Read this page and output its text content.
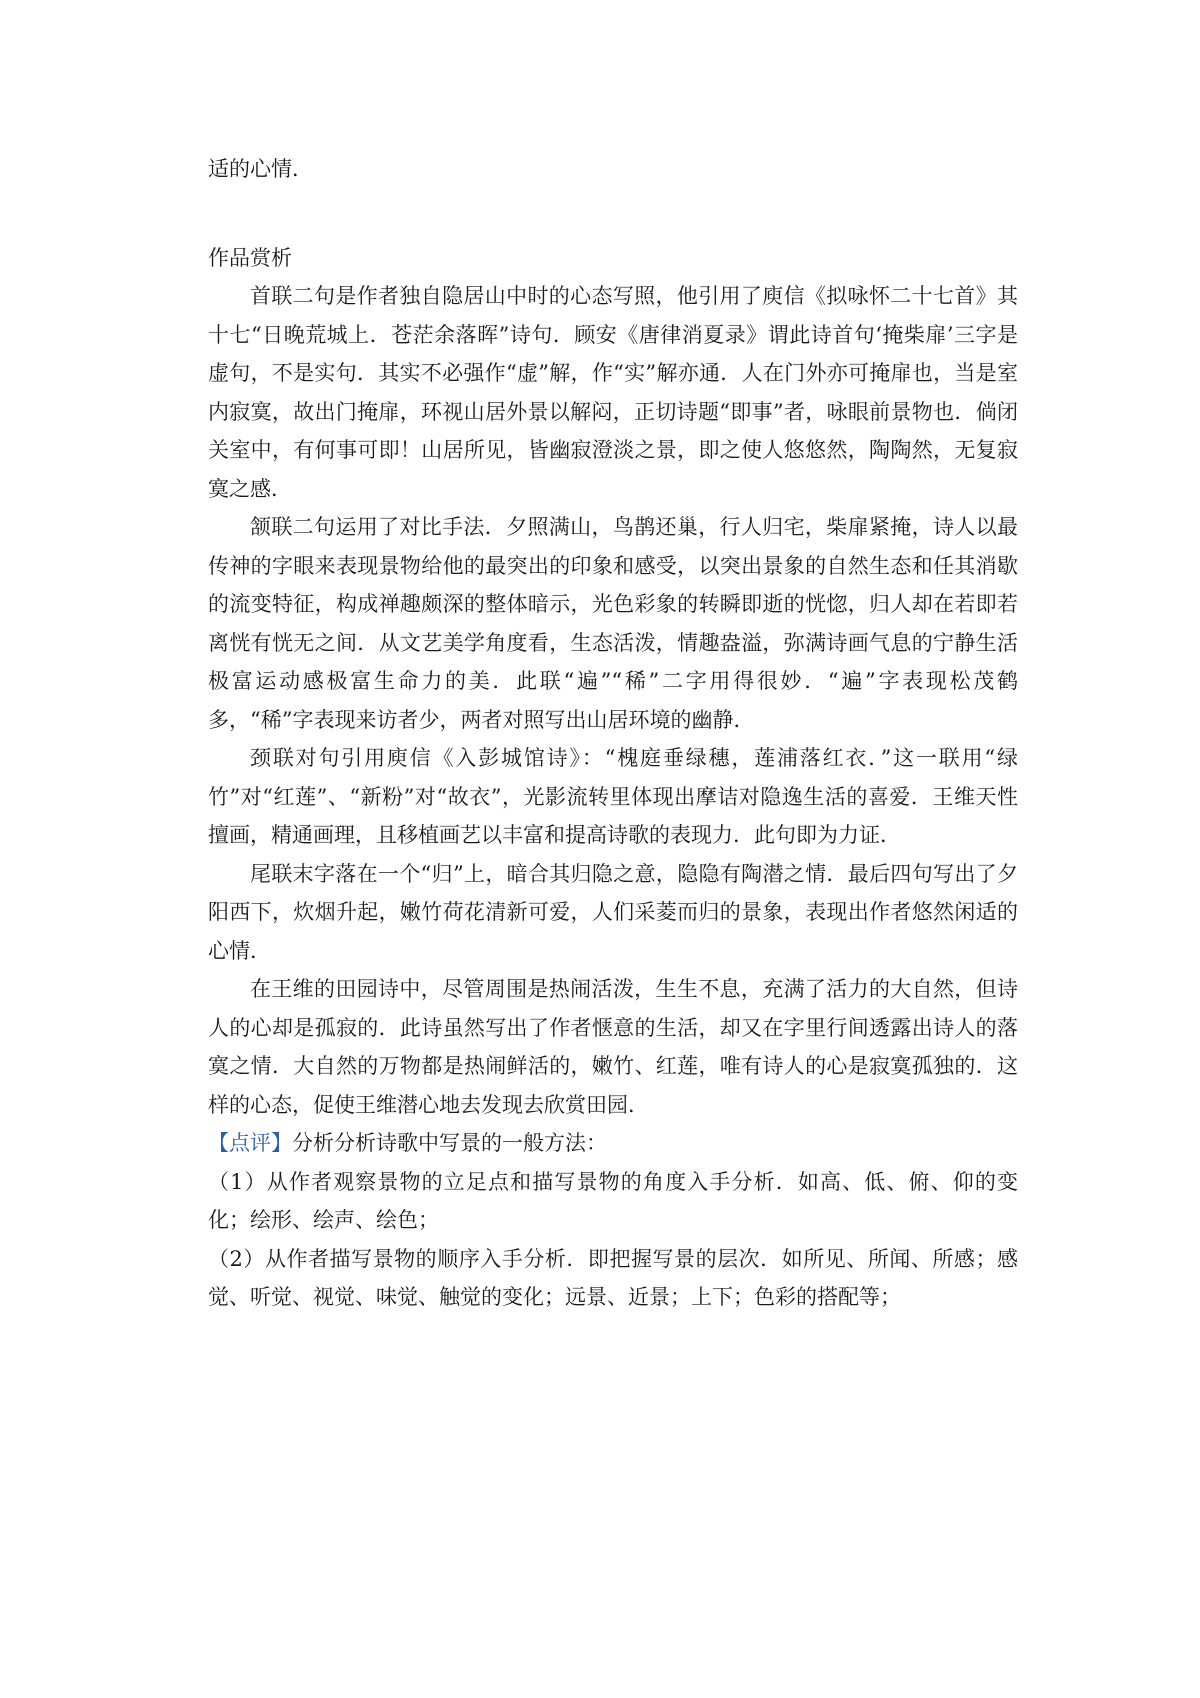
适的心情．

作品赏析

首联二句是作者独自隐居山中时的心态写照，他引用了庾信《拟咏怀二十七首》其十七“日晚荒城上．苍茫余落晖”诗句．顾安《唐律消夏录》谓此诗首句‘掩柴扉’三字是虚句，不是实句．其实不必强作“虚”解，作“实”解亦通．人在门外亦可掩扉也，当是室内寂寞，故出门掩扉，环视山居外景以解闷，正切诗题“即事”者，咏眼前景物也．倘闭关室中，有何事可即！山居所见，皆幽寂澄淡之景，即之使人悠悠然，陶陶然，无复寂寞之感．

颔联二句运用了对比手法．夕照满山，鸟鹊还巢，行人归宅，柴扉紧掩，诗人以最传神的字眼来表现景物给他的最突出的印象和感受，以突出景象的自然生态和任其消歇的流变特征，构成禅趣颇深的整体暗示，光色彩象的转瞬即逝的恍惚，归人却在若即若离恍有恍无之间．从文艺美学角度看，生态活泼，情趣盎溢，弥满诗画气息的宁静生活极富运动感极富生命力的美．此联“遍”“稀”二字用得很妙．“遍”字表现松茂鹤多，“稀”字表现来访者少，两者对照写出山居环境的幽静．

颈联对句引用庾信《入彭城馆诗》：“槐庭垂绿穗，莲浦落红衣．”这一联用“绿竹”对“红莲”、“新粉”对“故衣”，光影流转里体现出摩诘对隐逸生活的喜爱．王维天性擅画，精通画理，且移植画艺以丰富和提高诗歌的表现力．此句即为力证．

尾联末字落在一个“归”上，暗合其归隐之意，隐隐有陶潜之情．最后四句写出了夕阳西下，炊烟升起，嫩竹荷花清新可爱，人们采菱而归的景象，表现出作者悠然闲适的心情．

在王维的田园诗中，尽管周围是热闹活泼，生生不息，充满了活力的大自然，但诗人的心却是孤寂的．此诗虽然写出了作者惬意的生活，却又在字里行间透露出诗人的落寞之情．大自然的万物都是热闹鲜活的，嫩竹、红莲，唯有诗人的心是寂寞孤独的．这样的心态，促使王维潜心地去发现去欣赏田园．

【点评】分析分析诗歌中写景的一般方法：

（1）从作者观察景物的立足点和描写景物的角度入手分析．如高、低、俯、仰的变化；绘形、绘声、绘色；

（2）从作者描写景物的顺序入手分析．即把握写景的层次．如所见、所闻、所感；感觉、听觉、视觉、味觉、触觉的变化；远景、近景；上下；色彩的搭配等；
